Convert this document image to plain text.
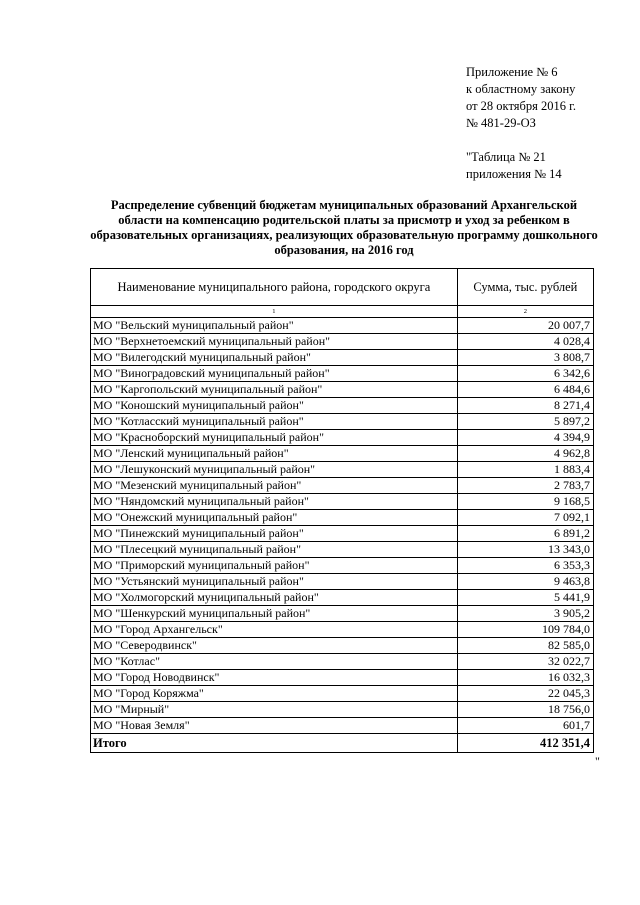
Приложение № 6
к областному закону
от 28 октября 2016 г.
№ 481-29-ОЗ
"Таблица № 21
приложения № 14
Распределение субвенций бюджетам муниципальных образований Архангельской области на компенсацию родительской платы за присмотр и уход за ребенком в образовательных организациях, реализующих образовательную программу дошкольного образования, на 2016 год
Наименование муниципального района, городского округа	Сумма, тыс. рублей
1	2
МО "Вельский муниципальный район"	20 007,7
МО "Верхнетоемский муниципальный район"	4 028,4
МО "Вилегодский муниципальный район"	3 808,7
МО "Виноградовский муниципальный район"	6 342,6
МО "Каргопольский муниципальный район"	6 484,6
МО "Коношский муниципальный район"	8 271,4
МО "Котласский муниципальный район"	5 897,2
МО "Красноборский муниципальный район"	4 394,9
МО "Ленский муниципальный район"	4 962,8
МО "Лешуконский муниципальный район"	1 883,4
МО "Мезенский муниципальный район"	2 783,7
МО "Няндомский муниципальный район"	9 168,5
МО "Онежский муниципальный район"	7 092,1
МО "Пинежский муниципальный район"	6 891,2
МО "Плесецкий муниципальный район"	13 343,0
МО "Приморский муниципальный район"	6 353,3
МО "Устьянский муниципальный район"	9 463,8
МО "Холмогорский муниципальный район"	5 441,9
МО "Шенкурский муниципальный район"	3 905,2
МО "Город Архангельск"	109 784,0
МО "Северодвинск"	82 585,0
МО "Котлас"	32 022,7
МО "Город Новодвинск"	16 032,3
МО "Город Коряжма"	22 045,3
МО "Мирный"	18 756,0
МО "Новая Земля"	601,7
Итого	412 351,4
"
